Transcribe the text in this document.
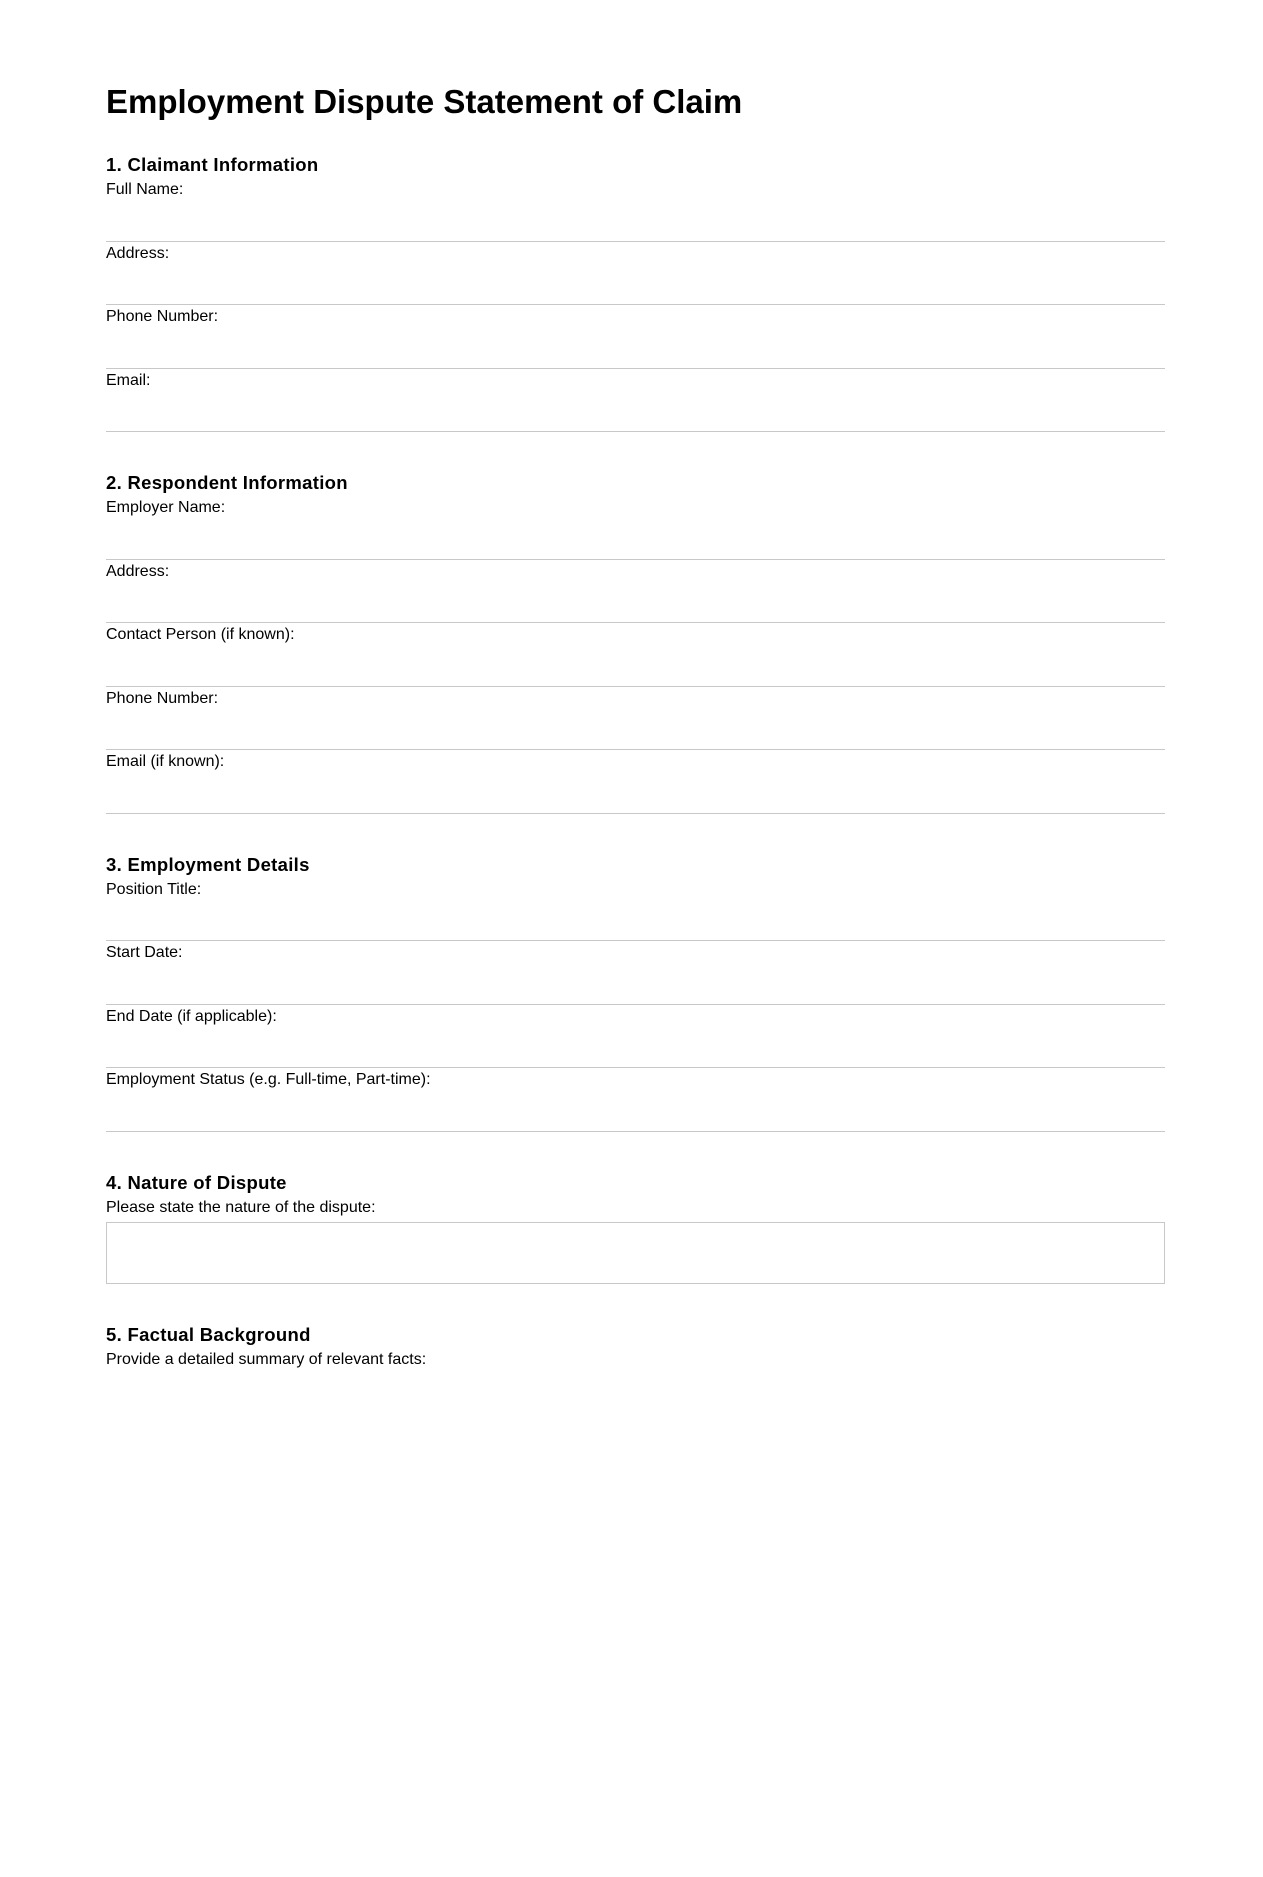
Employment Dispute Statement of Claim
1. Claimant Information
Full Name:
Address:
Phone Number:
Email:
2. Respondent Information
Employer Name:
Address:
Contact Person (if known):
Phone Number:
Email (if known):
3. Employment Details
Position Title:
Start Date:
End Date (if applicable):
Employment Status (e.g. Full-time, Part-time):
4. Nature of Dispute
Please state the nature of the dispute:
5. Factual Background
Provide a detailed summary of relevant facts:
